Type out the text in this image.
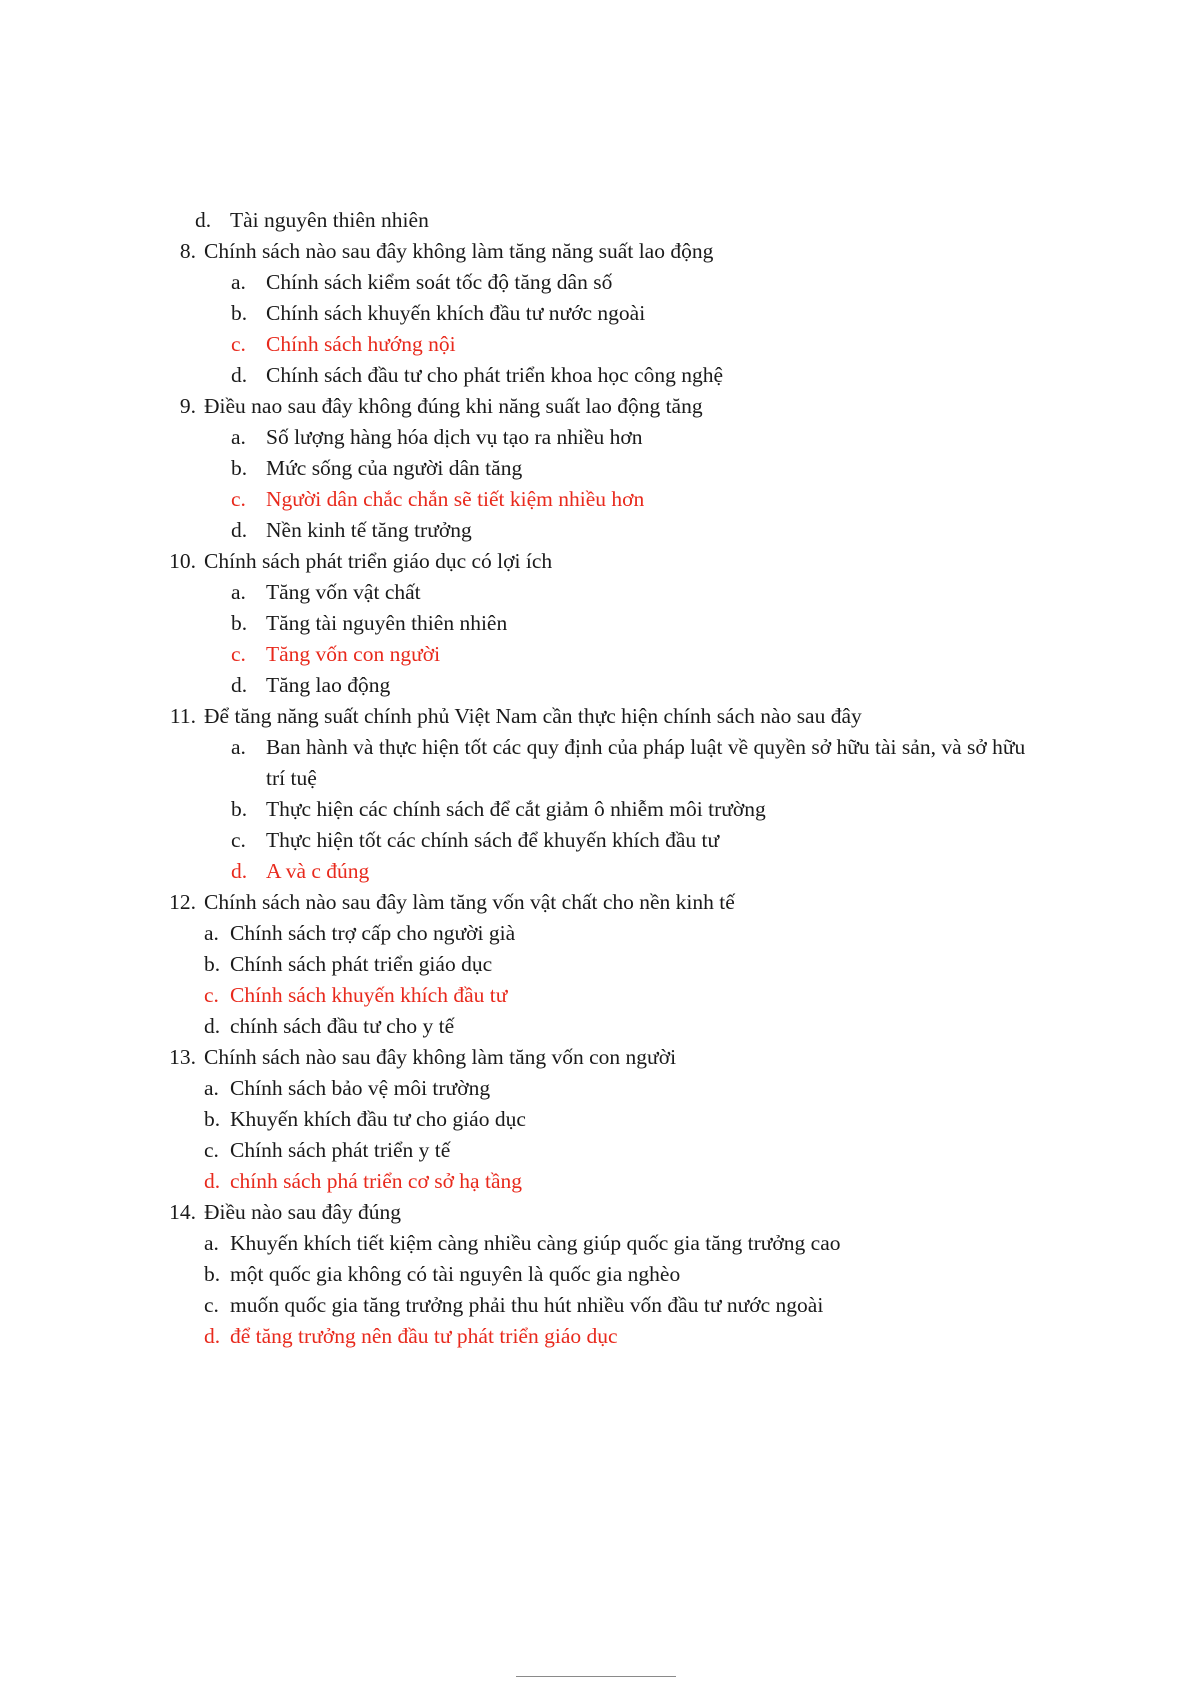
d. Tài nguyên thiên nhiên
8. Chính sách nào sau đây không làm tăng năng suất lao động
a. Chính sách kiểm soát tốc độ tăng dân số
b. Chính sách khuyến khích đầu tư nước ngoài
c. Chính sách hướng nội
d. Chính sách đầu tư cho phát triển khoa học công nghệ
9. Điều nao sau đây không đúng khi năng suất lao động tăng
a. Số lượng hàng hóa dịch vụ tạo ra nhiều hơn
b. Mức sống của người dân tăng
c. Người dân chắc chắn sẽ tiết kiệm nhiều hơn
d. Nền kinh tế tăng trưởng
10. Chính sách phát triển giáo dục có lợi ích
a. Tăng vốn vật chất
b. Tăng tài nguyên thiên nhiên
c. Tăng vốn con người
d. Tăng lao động
11. Để tăng năng suất chính phủ Việt Nam cần thực hiện chính sách nào sau đây
a. Ban hành và thực hiện tốt các quy định của pháp luật về quyền sở hữu tài sản, và sở hữu trí tuệ
b. Thực hiện các chính sách để cắt giảm ô nhiễm môi trường
c. Thực hiện tốt các chính sách để khuyến khích đầu tư
d. A và c đúng
12. Chính sách nào sau đây làm tăng vốn vật chất cho nền kinh tế
a. Chính sách trợ cấp cho người già
b. Chính sách phát triển giáo dục
c. Chính sách khuyến khích đầu tư
d. chính sách đầu tư cho y tế
13. Chính sách nào sau đây không làm tăng vốn con người
a. Chính sách bảo vệ môi trường
b. Khuyến khích đầu tư cho giáo dục
c. Chính sách phát triển y tế
d. chính sách phá triển cơ sở hạ tầng
14. Điều nào sau đây đúng
a. Khuyến khích tiết kiệm càng nhiều càng giúp quốc gia tăng trưởng cao
b. một quốc gia không có tài nguyên là quốc gia nghèo
c. muốn quốc gia tăng trưởng phải thu hút nhiều vốn đầu tư nước ngoài
d. để tăng trưởng nên đầu tư phát triển giáo dục
